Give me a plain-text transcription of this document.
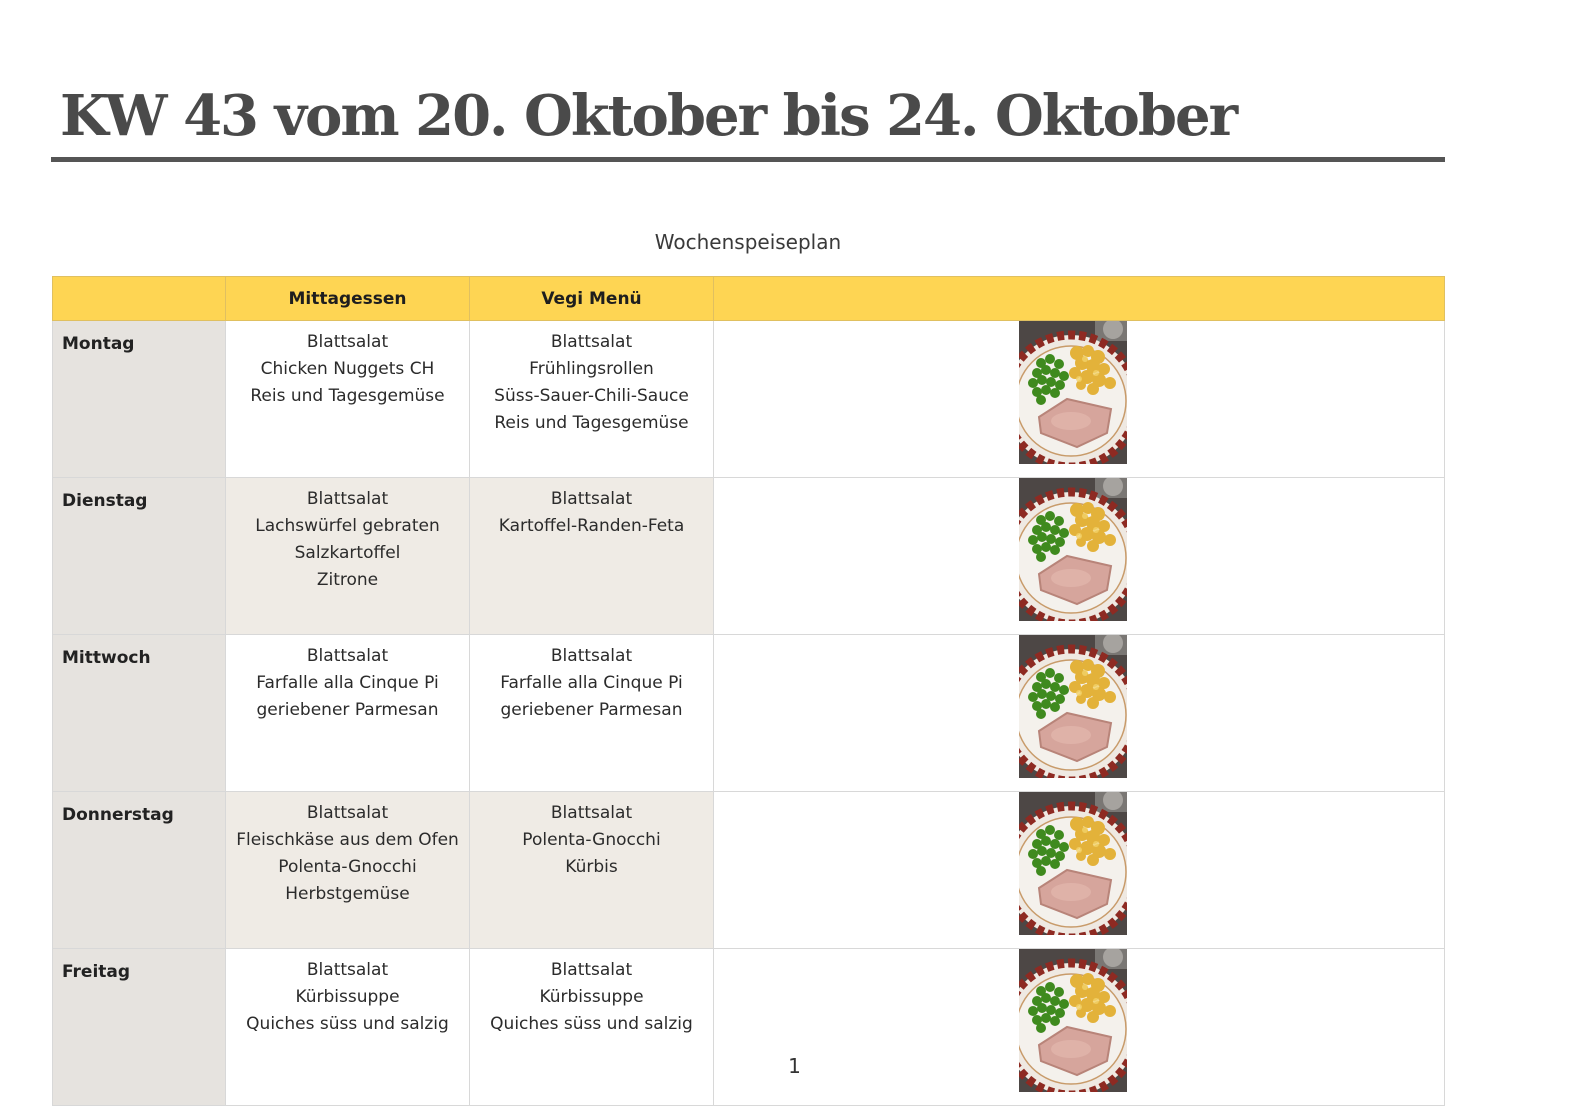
KW 43 vom 20. Oktober bis 24. Oktober
Wochenspeiseplan
	Mittagessen	Vegi Menü	
Montag	Blattsalat
Chicken Nuggets CH
Reis und Tagesgemüse	Blattsalat
Frühlingsrollen
Süss-Sauer-Chili-Sauce
Reis und Tagesgemüse

Dienstag	Blattsalat
Lachswürfel gebraten
Salzkartoffel
Zitrone	Blattsalat
Kartoffel-Randen-Feta

Mittwoch	Blattsalat
Farfalle alla Cinque Pi
geriebener Parmesan	Blattsalat
Farfalle alla Cinque Pi
geriebener Parmesan

Donnerstag	Blattsalat
Fleischkäse aus dem Ofen
Polenta-Gnocchi
Herbstgemüse	Blattsalat
Polenta-Gnocchi
Kürbis

Freitag	Blattsalat
Kürbissuppe
Quiches süss und salzig	Blattsalat
Kürbissuppe
Quiches süss und salzig

1
